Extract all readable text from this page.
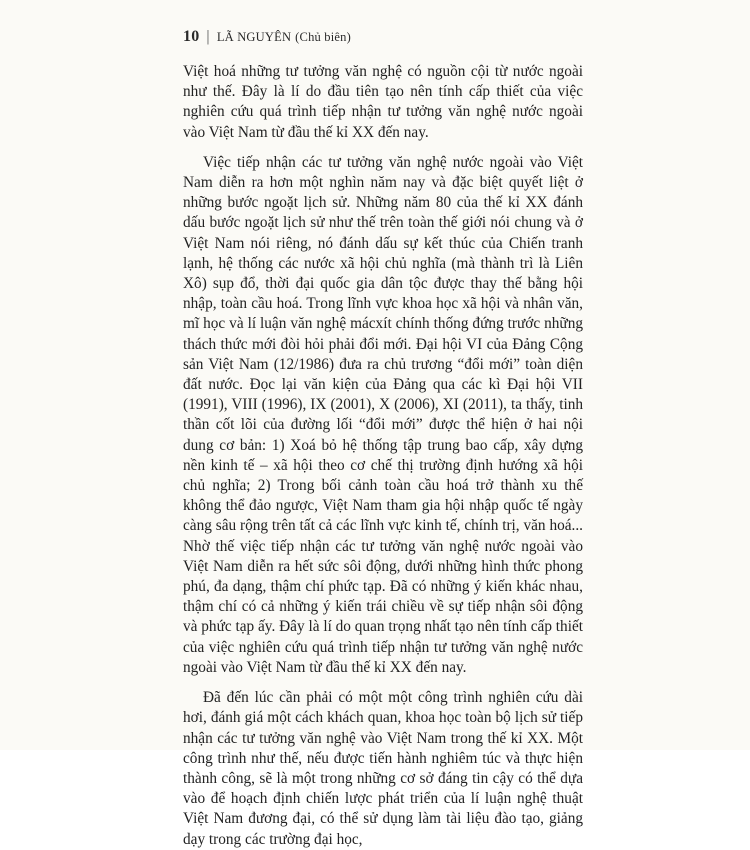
10 | LÃ NGUYÊN (Chủ biên)

Việt hoá những tư tưởng văn nghệ có nguồn cội từ nước ngoài như thế. Đây là lí do đầu tiên tạo nên tính cấp thiết của việc nghiên cứu quá trình tiếp nhận tư tưởng văn nghệ nước ngoài vào Việt Nam từ đầu thế kỉ XX đến nay.

Việc tiếp nhận các tư tưởng văn nghệ nước ngoài vào Việt Nam diễn ra hơn một nghìn năm nay và đặc biệt quyết liệt ở những bước ngoặt lịch sử. Những năm 80 của thế kỉ XX đánh dấu bước ngoặt lịch sử như thế trên toàn thế giới nói chung và ở Việt Nam nói riêng, nó đánh dấu sự kết thúc của Chiến tranh lạnh, hệ thống các nước xã hội chủ nghĩa (mà thành trì là Liên Xô) sụp đổ, thời đại quốc gia dân tộc được thay thế bằng hội nhập, toàn cầu hoá. Trong lĩnh vực khoa học xã hội và nhân văn, mĩ học và lí luận văn nghệ mácxít chính thống đứng trước những thách thức mới đòi hỏi phải đổi mới. Đại hội VI của Đảng Cộng sản Việt Nam (12/1986) đưa ra chủ trương “đổi mới” toàn diện đất nước. Đọc lại văn kiện của Đảng qua các kì Đại hội VII (1991), VIII (1996), IX (2001), X (2006), XI (2011), ta thấy, tinh thần cốt lõi của đường lối “đổi mới” được thể hiện ở hai nội dung cơ bản: 1) Xoá bỏ hệ thống tập trung bao cấp, xây dựng nền kinh tế – xã hội theo cơ chế thị trường định hướng xã hội chủ nghĩa; 2) Trong bối cảnh toàn cầu hoá trở thành xu thế không thể đảo ngược, Việt Nam tham gia hội nhập quốc tế ngày càng sâu rộng trên tất cả các lĩnh vực kinh tế, chính trị, văn hoá... Nhờ thế việc tiếp nhận các tư tưởng văn nghệ nước ngoài vào Việt Nam diễn ra hết sức sôi động, dưới những hình thức phong phú, đa dạng, thậm chí phức tạp. Đã có những ý kiến khác nhau, thậm chí có cả những ý kiến trái chiều về sự tiếp nhận sôi động và phức tạp ấy. Đây là lí do quan trọng nhất tạo nên tính cấp thiết của việc nghiên cứu quá trình tiếp nhận tư tưởng văn nghệ nước ngoài vào Việt Nam từ đầu thế kỉ XX đến nay.

Đã đến lúc cần phải có một một công trình nghiên cứu dài hơi, đánh giá một cách khách quan, khoa học toàn bộ lịch sử tiếp nhận các tư tưởng văn nghệ vào Việt Nam trong thế kỉ XX. Một công trình như thế, nếu được tiến hành nghiêm túc và thực hiện thành công, sẽ là một trong những cơ sở đáng tin cậy có thể dựa vào để hoạch định chiến lược phát triển của lí luận nghệ thuật Việt Nam đương đại, có thể sử dụng làm tài liệu đào tạo, giảng dạy trong các trường đại học,
